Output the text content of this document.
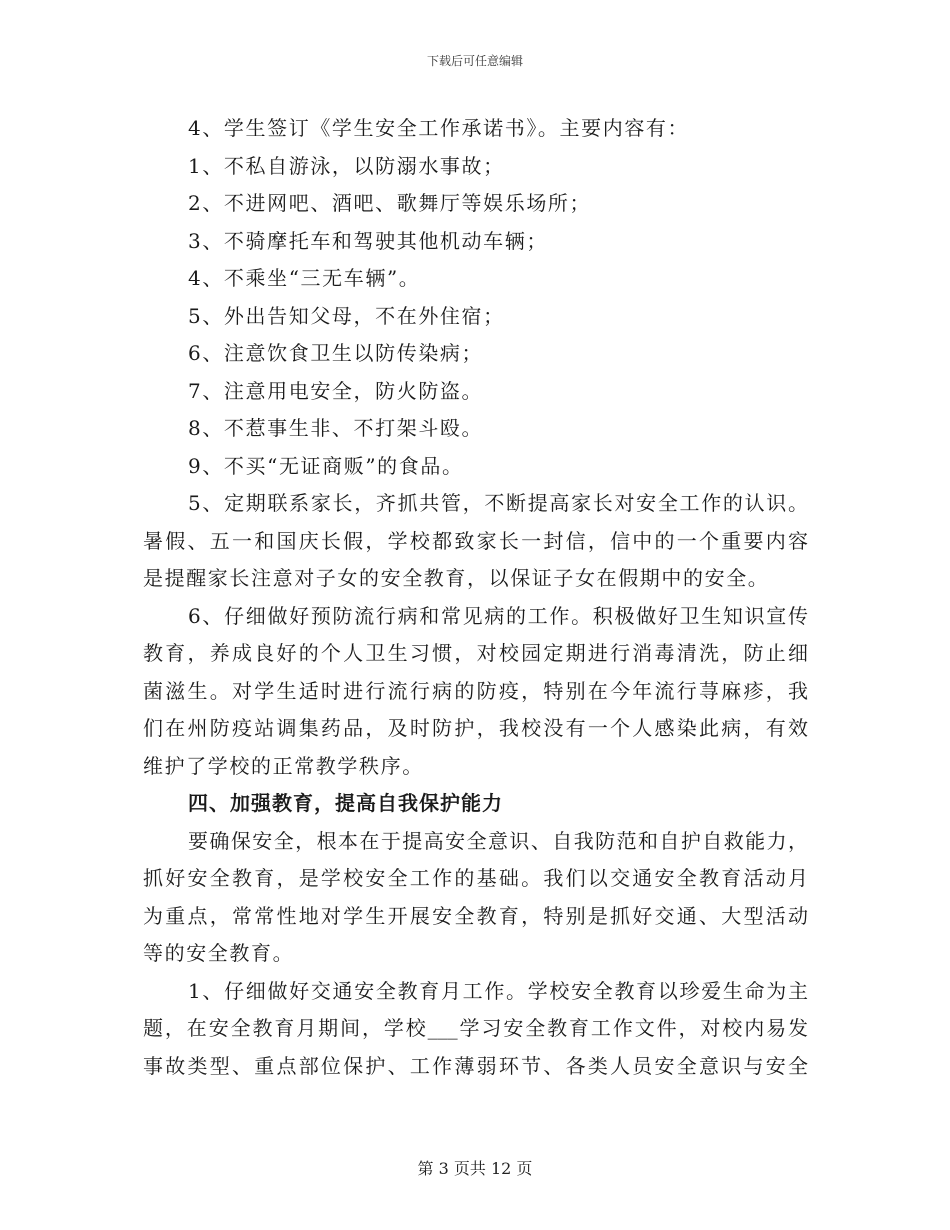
下载后可任意编辑
4、学生签订《学生安全工作承诺书》。主要内容有：
1、不私自游泳，以防溺水事故；
2、不进网吧、酒吧、歌舞厅等娱乐场所；
3、不骑摩托车和驾驶其他机动车辆；
4、不乘坐“三无车辆”。
5、外出告知父母，不在外住宿；
6、注意饮食卫生以防传染病；
7、注意用电安全，防火防盗。
8、不惹事生非、不打架斗殴。
9、不买“无证商贩”的食品。
5、定期联系家长，齐抓共管，不断提高家长对安全工作的认识。
暑假、五一和国庆长假，学校都致家长一封信，信中的一个重要内容
是提醒家长注意对子女的安全教育，以保证子女在假期中的安全。
6、仔细做好预防流行病和常见病的工作。积极做好卫生知识宣传
教育，养成良好的个人卫生习惯，对校园定期进行消毒清洗，防止细
菌滋生。对学生适时进行流行病的防疫，特别在今年流行荨麻疹，我
们在州防疫站调集药品，及时防护，我校没有一个人感染此病，有效
维护了学校的正常教学秩序。
四、加强教育，提高自我保护能力
要确保安全，根本在于提高安全意识、自我防范和自护自救能力，
抓好安全教育，是学校安全工作的基础。我们以交通安全教育活动月
为重点，常常性地对学生开展安全教育，特别是抓好交通、大型活动
等的安全教育。
1、仔细做好交通安全教育月工作。学校安全教育以珍爱生命为主
题，在安全教育月期间，学校___学习安全教育工作文件，对校内易发
事故类型、重点部位保护、工作薄弱环节、各类人员安全意识与安全
第 3 页共 12 页
